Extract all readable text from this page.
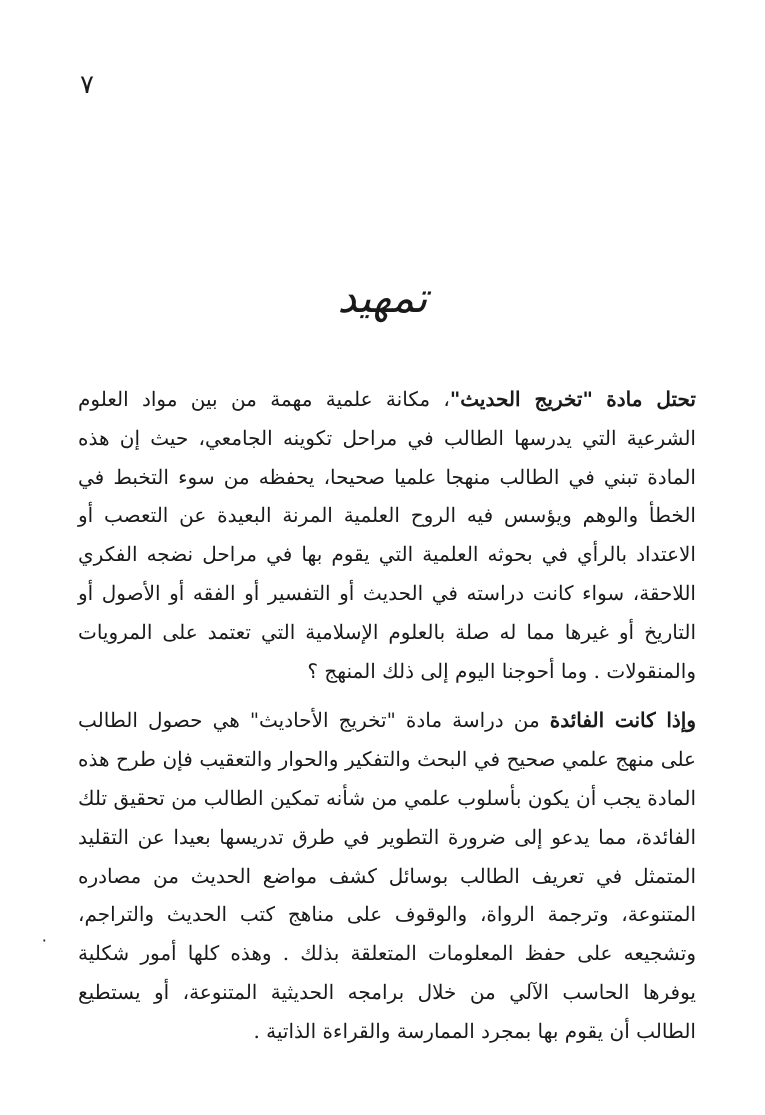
٧
تمهيد

تحتل مادة "تخريج الحديث"، مكانة علمية مهمة من بين مواد العلوم الشرعية التي يدرسها الطالب في مراحل تكوينه الجامعي، حيث إن هذه المادة تبني في الطالب منهجا علميا صحيحا، يحفظه من سوء التخبط في الخطأ والوهم ويؤسس فيه الروح العلمية المرنة البعيدة عن التعصب أو الاعتداد بالرأي في بحوثه العلمية التي يقوم بها في مراحل نضجه الفكري اللاحقة، سواء كانت دراسته في الحديث أو التفسير أو الفقه أو الأصول أو التاريخ أو غيرها مما له صلة بالعلوم الإسلامية التي تعتمد على المرويات والمنقولات . وما أحوجنا اليوم إلى ذلك المنهج ؟

وإذا كانت الفائدة من دراسة مادة "تخريج الأحاديث" هي حصول الطالب على منهج علمي صحيح في البحث والتفكير والحوار والتعقيب فإن طرح هذه المادة يجب أن يكون بأسلوب علمي من شأنه تمكين الطالب من تحقيق تلك الفائدة، مما يدعو إلى ضرورة التطوير في طرق تدريسها بعيدا عن التقليد المتمثل في تعريف الطالب بوسائل كشف مواضع الحديث من مصادره المتنوعة، وترجمة الرواة، والوقوف على مناهج كتب الحديث والتراجم، وتشجيعه على حفظ المعلومات المتعلقة بذلك . وهذه كلها أمور شكلية يوفرها الحاسب الآلي من خلال برامجه الحديثية المتنوعة، أو يستطيع الطالب أن يقوم بها بمجرد الممارسة والقراءة الذاتية .

٠
